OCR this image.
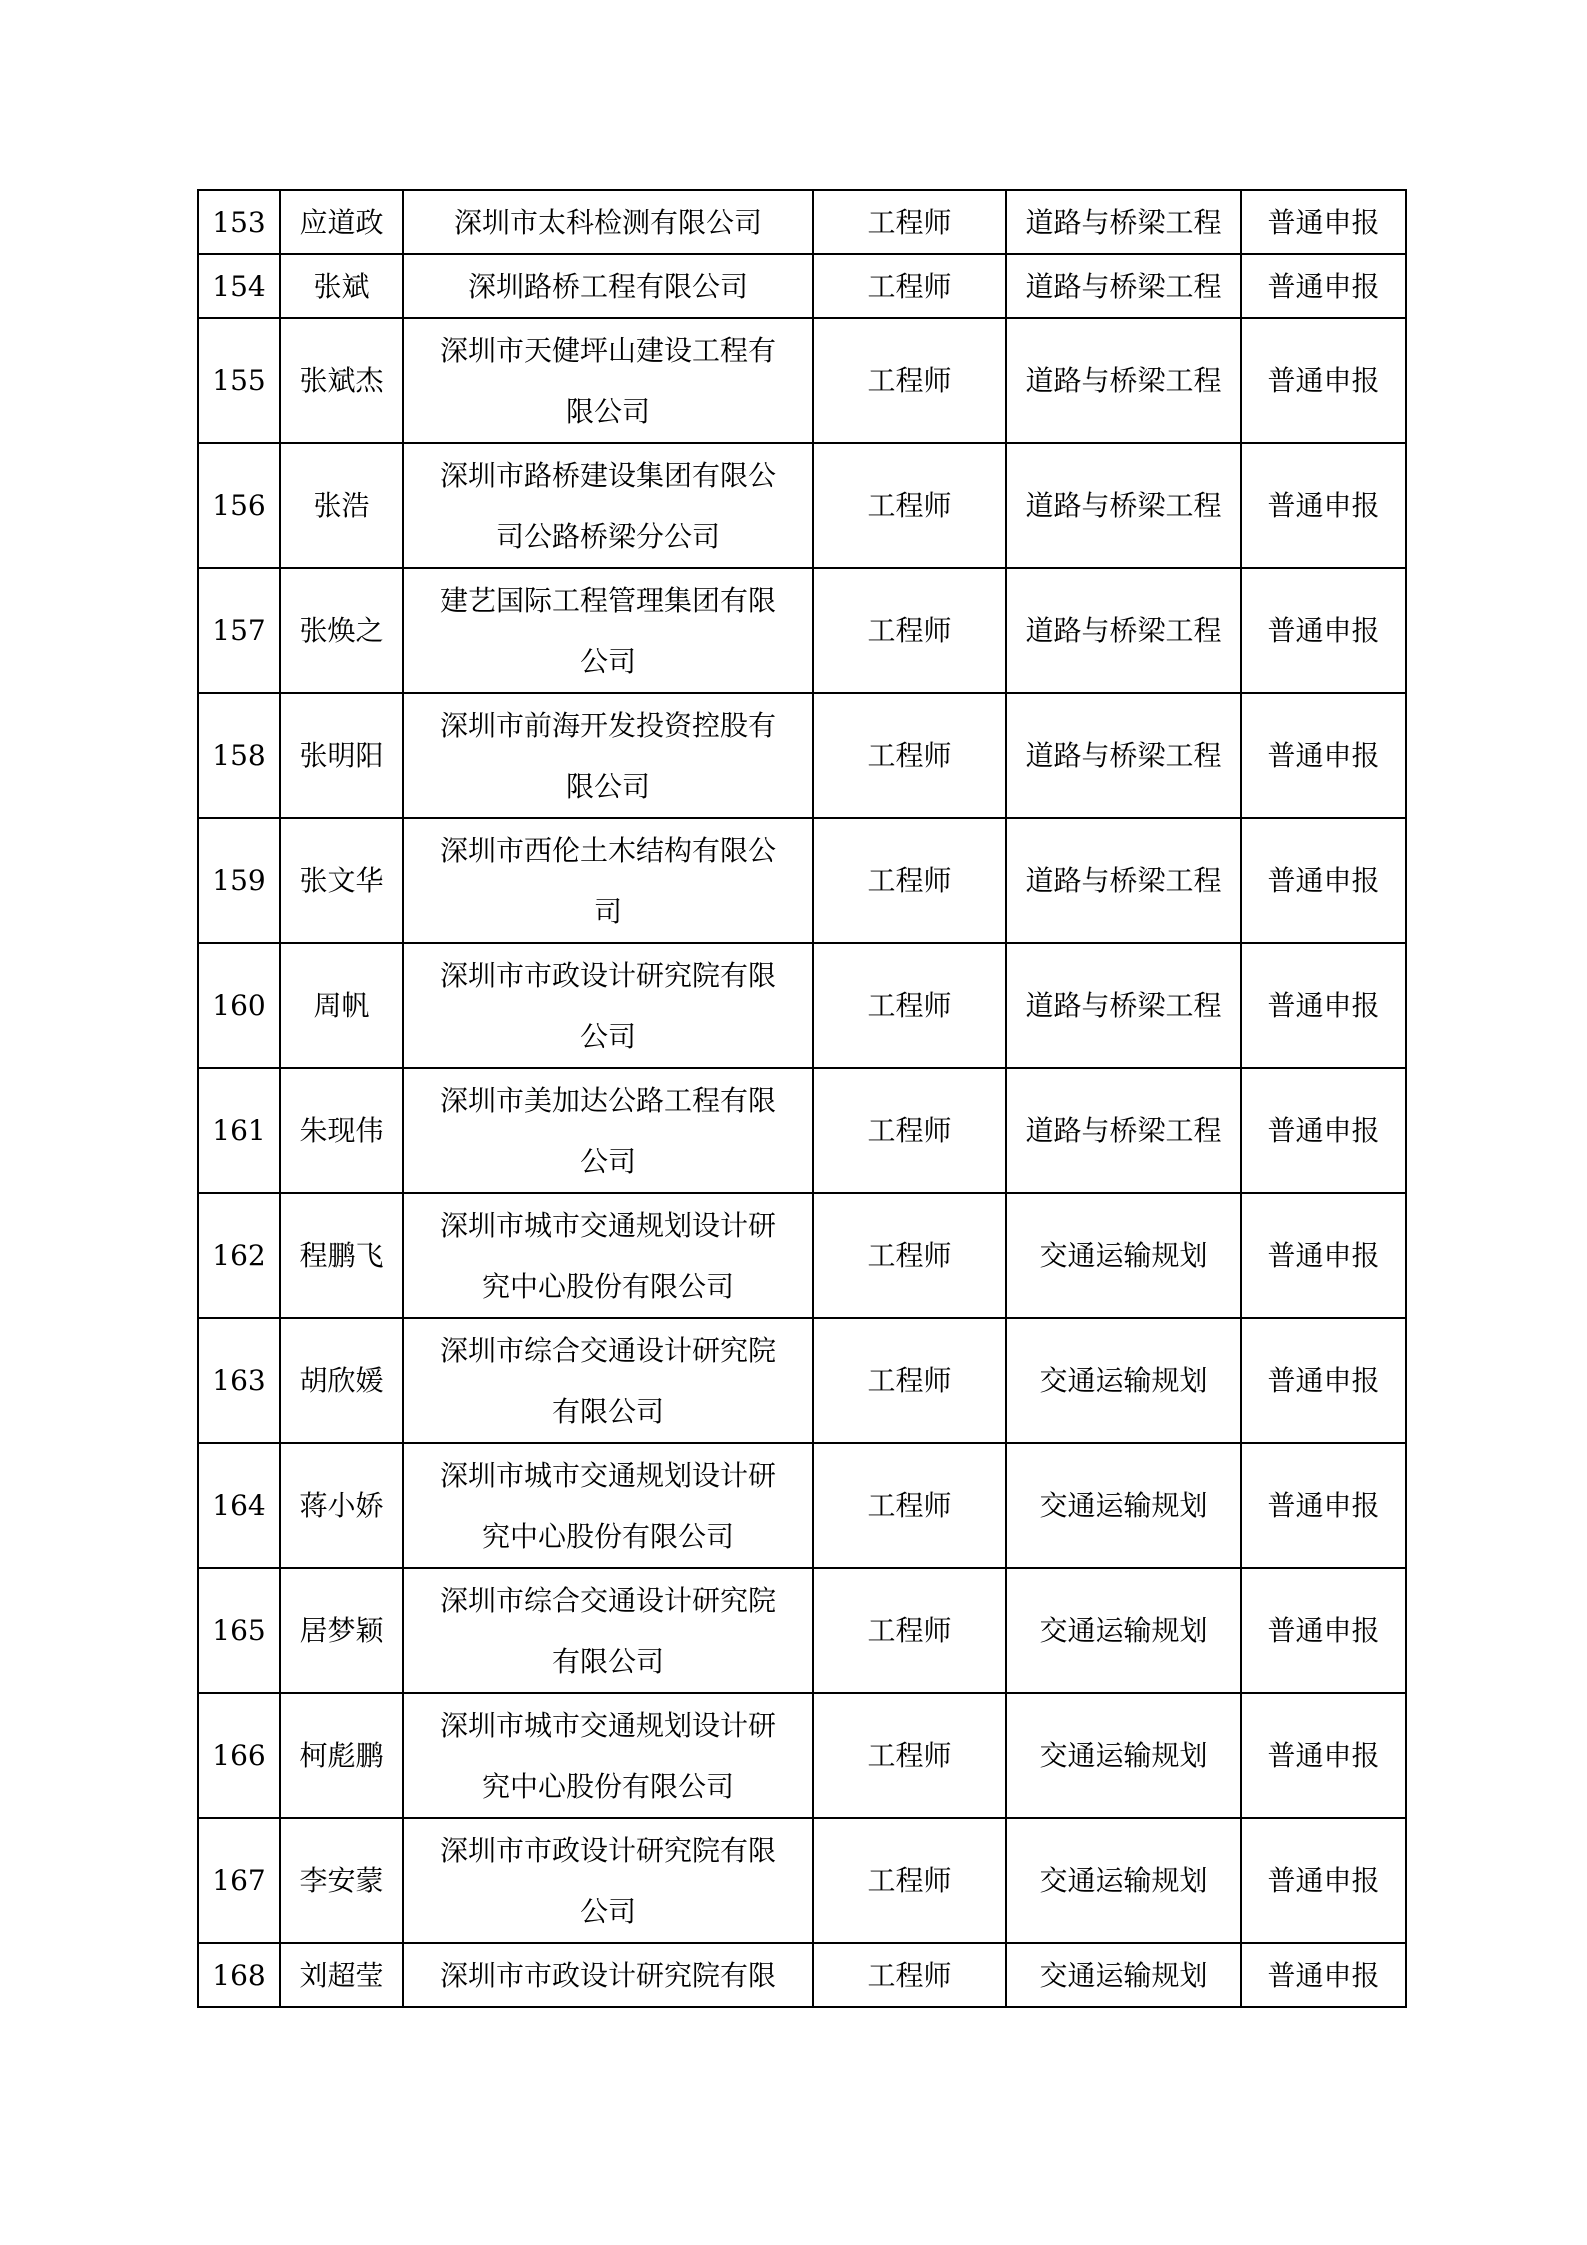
153	应道政	深圳市太科检测有限公司	工程师	道路与桥梁工程	普通申报
154	张斌	深圳路桥工程有限公司	工程师	道路与桥梁工程	普通申报
155	张斌杰	深圳市天健坪山建设工程有限公司	工程师	道路与桥梁工程	普通申报
156	张浩	深圳市路桥建设集团有限公司公路桥梁分公司	工程师	道路与桥梁工程	普通申报
157	张焕之	建艺国际工程管理集团有限公司	工程师	道路与桥梁工程	普通申报
158	张明阳	深圳市前海开发投资控股有限公司	工程师	道路与桥梁工程	普通申报
159	张文华	深圳市西伦土木结构有限公司	工程师	道路与桥梁工程	普通申报
160	周帆	深圳市市政设计研究院有限公司	工程师	道路与桥梁工程	普通申报
161	朱现伟	深圳市美加达公路工程有限公司	工程师	道路与桥梁工程	普通申报
162	程鹏飞	深圳市城市交通规划设计研究中心股份有限公司	工程师	交通运输规划	普通申报
163	胡欣媛	深圳市综合交通设计研究院有限公司	工程师	交通运输规划	普通申报
164	蒋小娇	深圳市城市交通规划设计研究中心股份有限公司	工程师	交通运输规划	普通申报
165	居梦颖	深圳市综合交通设计研究院有限公司	工程师	交通运输规划	普通申报
166	柯彪鹏	深圳市城市交通规划设计研究中心股份有限公司	工程师	交通运输规划	普通申报
167	李安蒙	深圳市市政设计研究院有限公司	工程师	交通运输规划	普通申报
168	刘超莹	深圳市市政设计研究院有限	工程师	交通运输规划	普通申报
